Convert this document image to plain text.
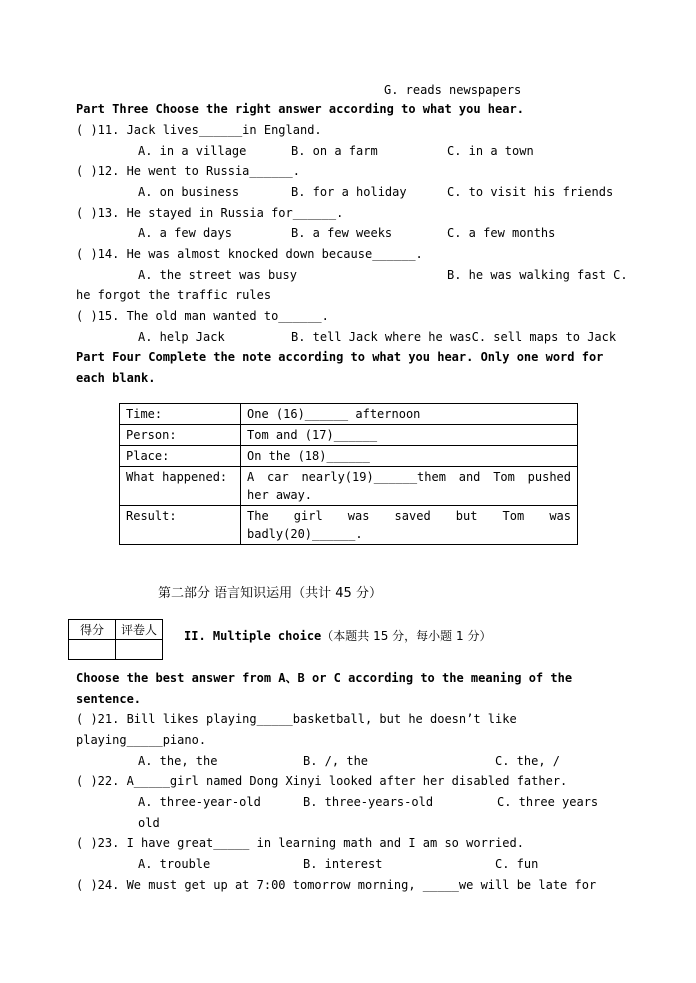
G. reads newspapers
Part Three Choose the right answer according to what you hear.
( )11. Jack lives______in England.
A. in a village	B. on a farm	C. in a town
( )12. He went to Russia______.
A. on business	B. for a holiday	C. to visit his friends
( )13. He stayed in Russia for______.
A. a few days	B. a few weeks	C. a few months
( )14. He was almost knocked down because______.
A. the street was busy	B. he was walking fast C.
he forgot the traffic rules
( )15. The old man wanted to______.
A. help Jack	B. tell Jack where he wasC. sell maps to Jack
Part Four Complete the note according to what you hear. Only one word for
each blank.
Time:	One (16)______ afternoon
Person:	Tom and (17)______
Place:	On the (18)______
What happened:	A car nearly(19)______them and Tom pushed her away.
Result:	The girl was saved but Tom was badly(20)______.
第二部分 语言知识运用（共计 45 分）
得分	评卷人
	II. Multiple choice（本题共 15 分，每小题 1 分）
Choose the best answer from A、B or C according to the meaning of the
sentence.
( )21. Bill likes playing_____basketball, but he doesn’t like
playing_____piano.
A. the, the	B. /, the	C. the, /
( )22. A_____girl named Dong Xinyi looked after her disabled father.
A. three-year-old	B. three-years-old	C. three years
old
( )23. I have great_____ in learning math and I am so worried.
A. trouble	B. interest	C. fun
( )24. We must get up at 7:00 tomorrow morning, _____we will be late for
